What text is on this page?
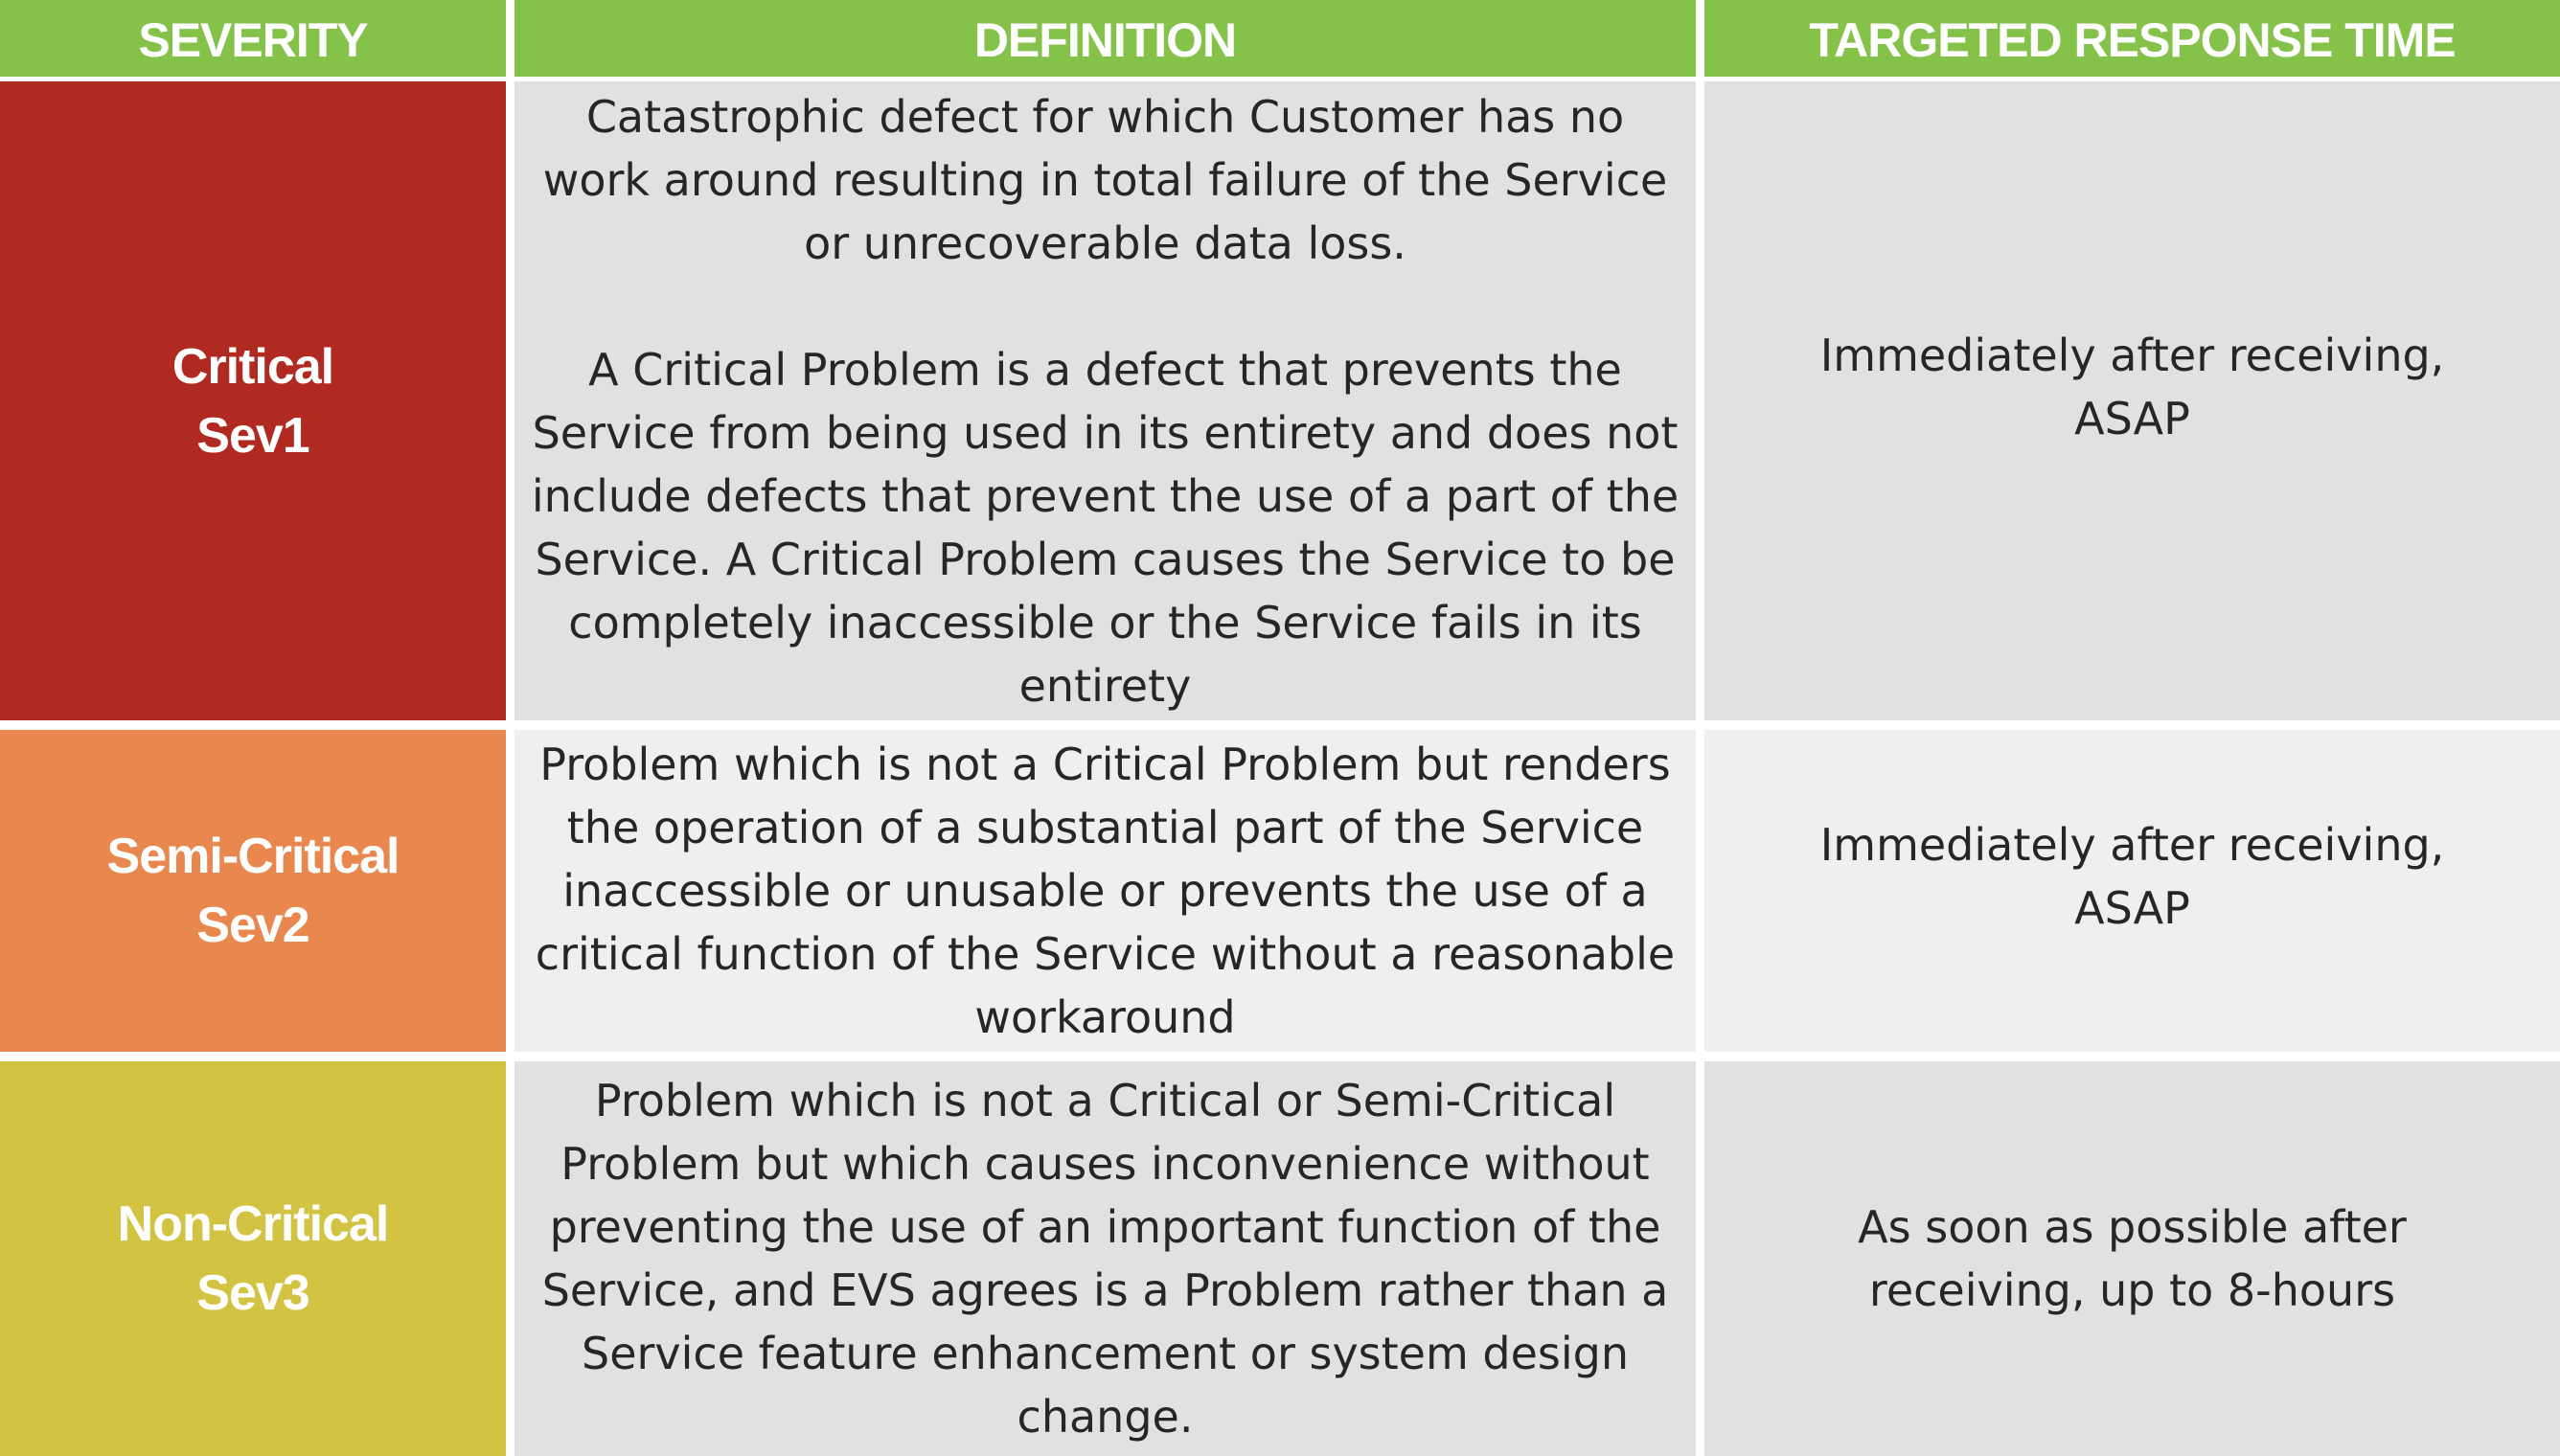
SEVERITY	DEFINITION	TARGETED RESPONSE TIME
Critical
Sev1
Catastrophic defect for which Customer has no work around resulting in total failure of the Service or unrecoverable data loss.

A Critical Problem is a defect that prevents the Service from being used in its entirety and does not include defects that prevent the use of a part of the Service. A Critical Problem causes the Service to be completely inaccessible or the Service fails in its entirety
Immediately after receiving, ASAP
Semi-Critical
Sev2
Problem which is not a Critical Problem but renders the operation of a substantial part of the Service inaccessible or unusable or prevents the use of a critical function of the Service without a reasonable workaround
Immediately after receiving, ASAP
Non-Critical
Sev3
Problem which is not a Critical or Semi-Critical Problem but which causes inconvenience without preventing the use of an important function of the Service, and EVS agrees is a Problem rather than a Service feature enhancement or system design change.
As soon as possible after receiving, up to 8-hours
